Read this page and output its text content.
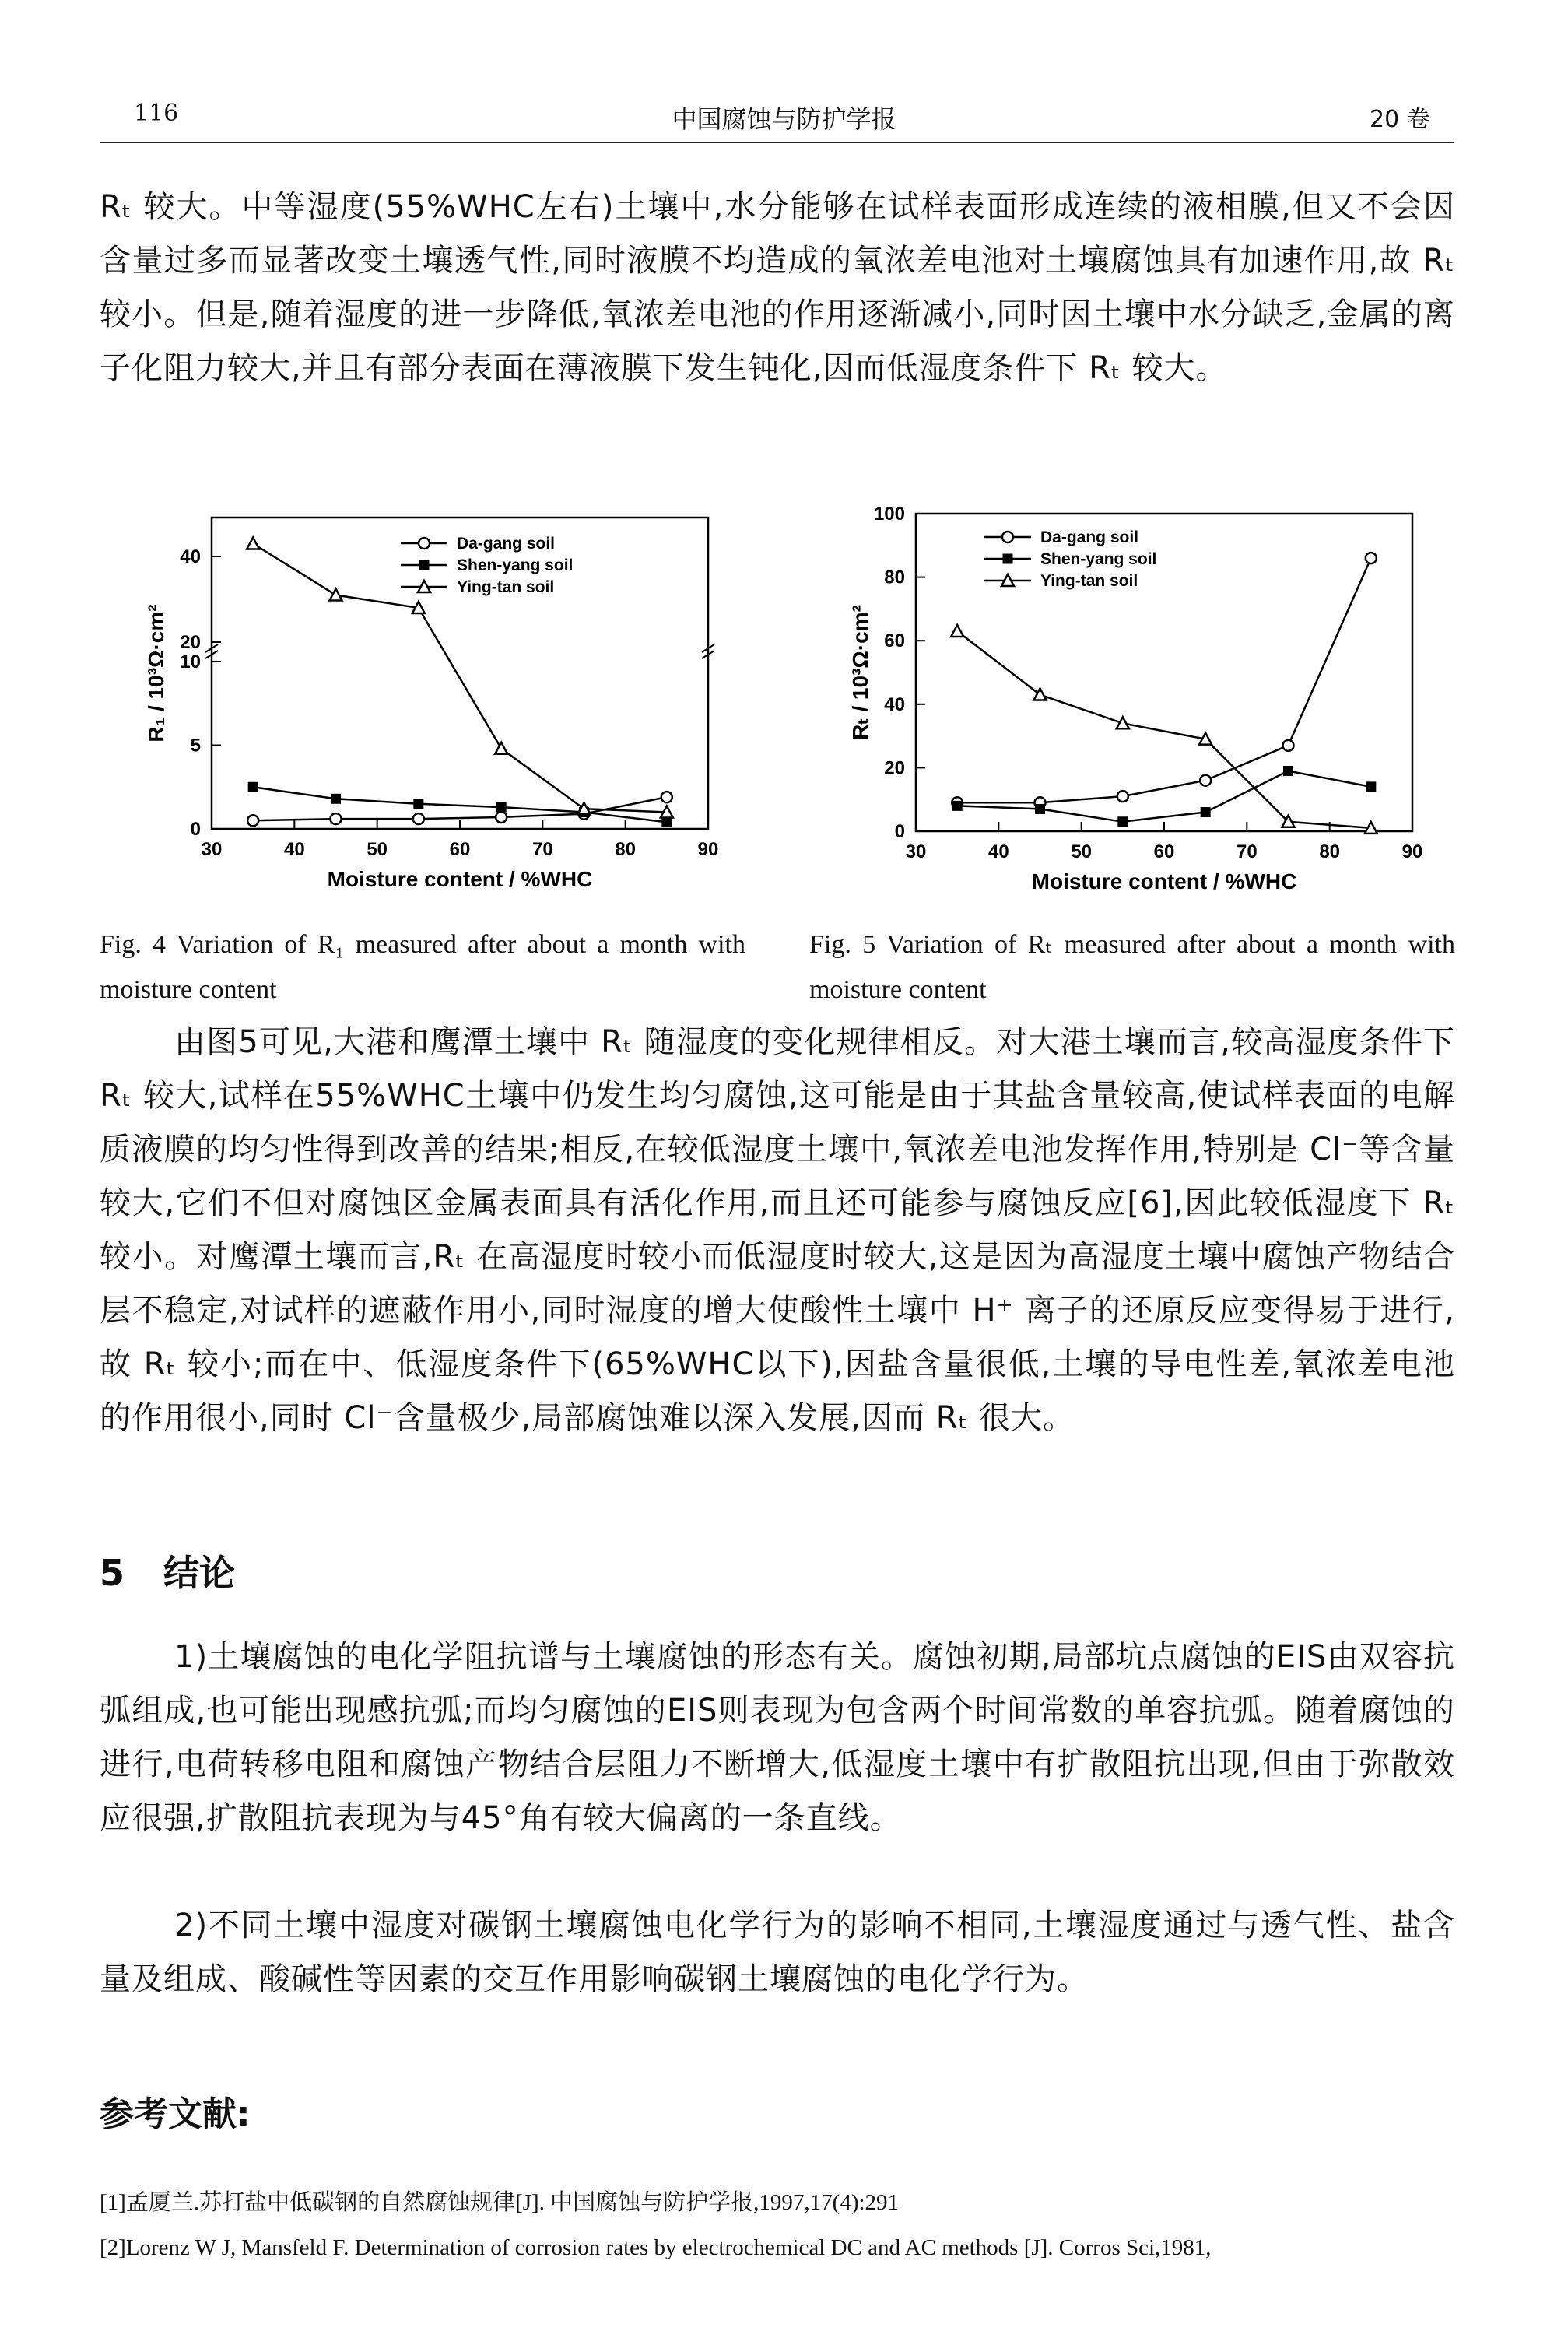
116	中国腐蚀与防护学报	20 卷
Rₜ 较大。中等湿度(55%WHC左右)土壤中,水分能够在试样表面形成连续的液相膜,但又不会因含量过多而显著改变土壤透气性,同时液膜不均造成的氧浓差电池对土壤腐蚀具有加速作用,故 Rₜ 较小。但是,随着湿度的进一步降低,氧浓差电池的作用逐渐减小,同时因土壤中水分缺乏,金属的离子化阻力较大,并且有部分表面在薄液膜下发生钝化,因而低湿度条件下 Rₜ 较大。
30	40	50	60	70	80	90
0
5
10
20
40
Moisture content / %WHC
R₁ / 10³Ω·cm²
Da-gang soil
Shen-yang soil
Ying-tan soil
Fig. 4 Variation of R₁ measured after about a month with moisture content
30	40	50	60	70	80	90
0
20
40
60
80
100
Moisture content / %WHC
Rₜ / 10³Ω·cm²
Da-gang soil
Shen-yang soil
Ying-tan soil
Fig. 5 Variation of Rₜ measured after about a month with moisture content
由图5可见,大港和鹰潭土壤中 Rₜ 随湿度的变化规律相反。对大港土壤而言,较高湿度条件下 Rₜ 较大,试样在55%WHC土壤中仍发生均匀腐蚀,这可能是由于其盐含量较高,使试样表面的电解质液膜的均匀性得到改善的结果;相反,在较低湿度土壤中,氧浓差电池发挥作用,特别是 Cl⁻等含量较大,它们不但对腐蚀区金属表面具有活化作用,而且还可能参与腐蚀反应[6],因此较低湿度下 Rₜ 较小。对鹰潭土壤而言,Rₜ 在高湿度时较小而低湿度时较大,这是因为高湿度土壤中腐蚀产物结合层不稳定,对试样的遮蔽作用小,同时湿度的增大使酸性土壤中 H⁺ 离子的还原反应变得易于进行,故 Rₜ 较小;而在中、低湿度条件下(65%WHC以下),因盐含量很低,土壤的导电性差,氧浓差电池的作用很小,同时 Cl⁻含量极少,局部腐蚀难以深入发展,因而 Rₜ 很大。
5 结论
1)土壤腐蚀的电化学阻抗谱与土壤腐蚀的形态有关。腐蚀初期,局部坑点腐蚀的EIS由双容抗弧组成,也可能出现感抗弧;而均匀腐蚀的EIS则表现为包含两个时间常数的单容抗弧。随着腐蚀的进行,电荷转移电阻和腐蚀产物结合层阻力不断增大,低湿度土壤中有扩散阻抗出现,但由于弥散效应很强,扩散阻抗表现为与45°角有较大偏离的一条直线。
2)不同土壤中湿度对碳钢土壤腐蚀电化学行为的影响不相同,土壤湿度通过与透气性、盐含量及组成、酸碱性等因素的交互作用影响碳钢土壤腐蚀的电化学行为。
参考文献:
[1]孟厦兰.苏打盐中低碳钢的自然腐蚀规律[J]. 中国腐蚀与防护学报,1997,17(4):291
[2]Lorenz W J, Mansfeld F. Determination of corrosion rates by electrochemical DC and AC methods [J]. Corros Sci,1981,
